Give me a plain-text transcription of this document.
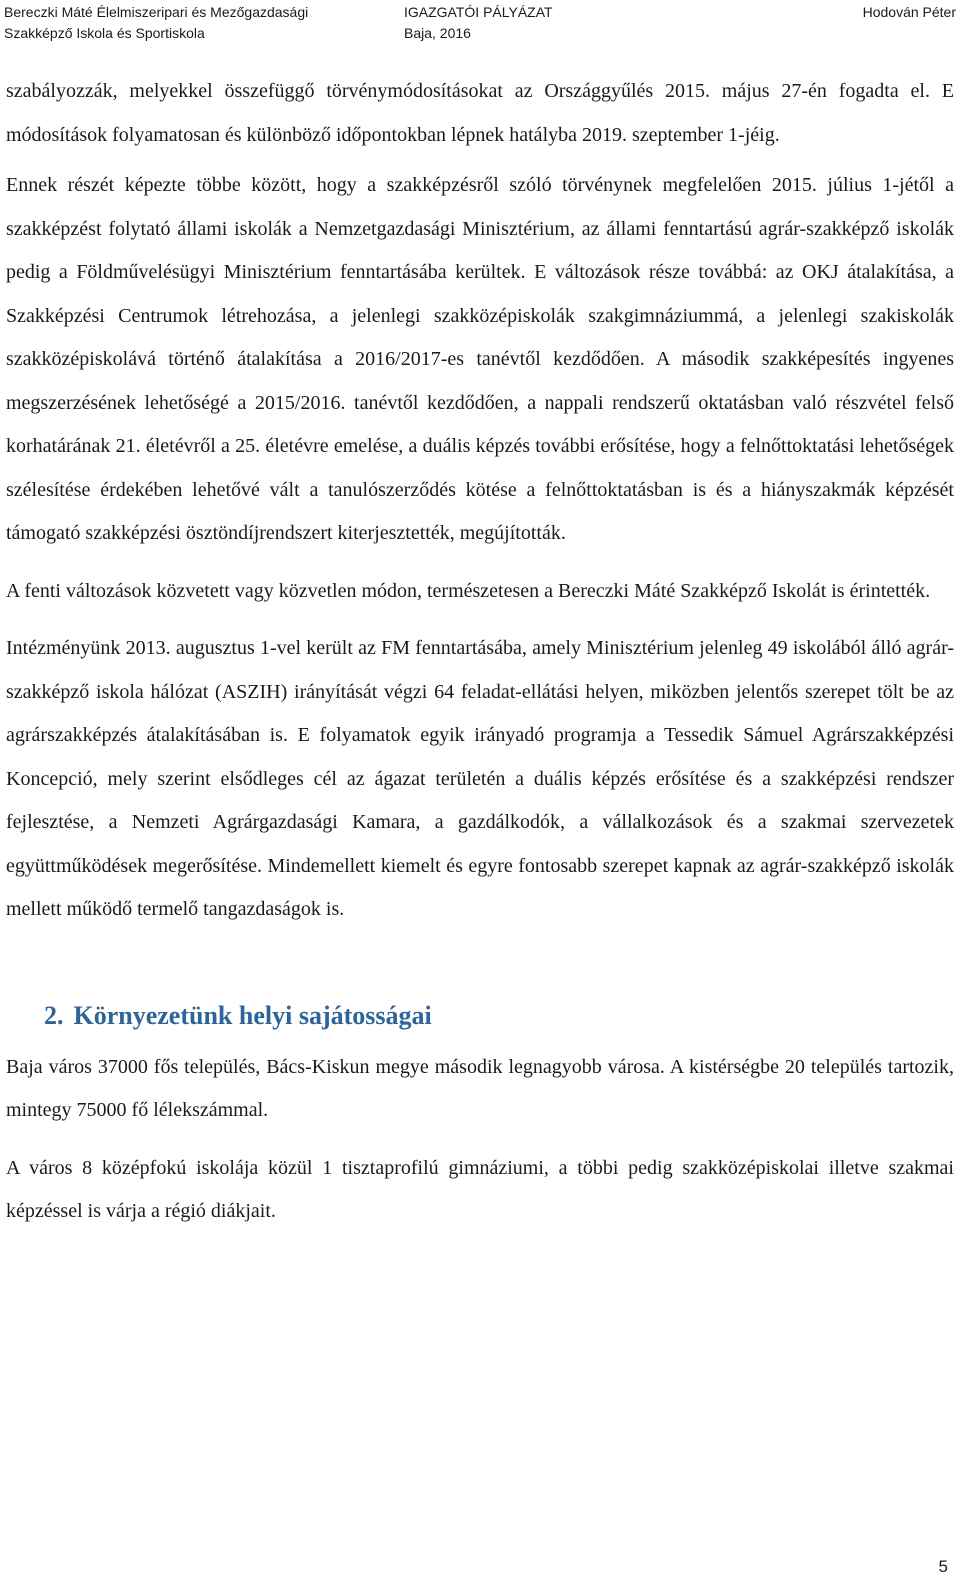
Bereczki Máté Élelmiszeripari és Mezőgazdasági
Szakképző Iskola és Sportiskola
IGAZGATÓI PÁLYÁZAT
Baja, 2016
Hodován Péter

szabályozzák, melyekkel összefüggő törvénymódosításokat az Országgyűlés 2015. május 27-én fogadta el. E módosítások folyamatosan és különböző időpontokban lépnek hatályba 2019. szeptember 1-jéig.

Ennek részét képezte többe között, hogy a szakképzésről szóló törvénynek megfelelően 2015. július 1-jétől a szakképzést folytató állami iskolák a Nemzetgazdasági Minisztérium, az állami fenntartású agrár-szakképző iskolák pedig a Földművelésügyi Minisztérium fenntartásába kerültek. E változások része továbbá: az OKJ átalakítása, a Szakképzési Centrumok létrehozása, a jelenlegi szakközépiskolák szakgimnáziummá, a jelenlegi szakiskolák szakközépiskolává történő átalakítása a 2016/2017-es tanévtől kezdődően. A második szakképesítés ingyenes megszerzésének lehetőségé a 2015/2016. tanévtől kezdődően, a nappali rendszerű oktatásban való részvétel felső korhatárának 21. életévről a 25. életévre emelése, a duális képzés további erősítése, hogy a felnőttoktatási lehetőségek szélesítése érdekében lehetővé vált a tanulószerződés kötése a felnőttoktatásban is és a hiányszakmák képzését támogató szakképzési ösztöndíjrendszert kiterjesztették, megújították.

A fenti változások közvetett vagy közvetlen módon, természetesen a Bereczki Máté Szakképző Iskolát is érintették.

Intézményünk 2013. augusztus 1-vel került az FM fenntartásába, amely Minisztérium jelenleg 49 iskolából álló agrár-szakképző iskola hálózat (ASZIH) irányítását végzi 64 feladat-ellátási helyen, miközben jelentős szerepet tölt be az agrárszakképzés átalakításában is. E folyamatok egyik irányadó programja a Tessedik Sámuel Agrárszakképzési Koncepció, mely szerint elsődleges cél az ágazat területén a duális képzés erősítése és a szakképzési rendszer fejlesztése, a Nemzeti Agrárgazdasági Kamara, a gazdálkodók, a vállalkozások és a szakmai szervezetek együttműködések megerősítése. Mindemellett kiemelt és egyre fontosabb szerepet kapnak az agrár-szakképző iskolák mellett működő termelő tangazdaságok is.

2. Környezetünk helyi sajátosságai

Baja város 37000 fős település, Bács-Kiskun megye második legnagyobb városa. A kistérségbe 20 település tartozik, mintegy 75000 fő lélekszámmal.

A város 8 középfokú iskolája közül 1 tisztaprofilú gimnáziumi, a többi pedig szakközépiskolai illetve szakmai képzéssel is várja a régió diákjait.

5
